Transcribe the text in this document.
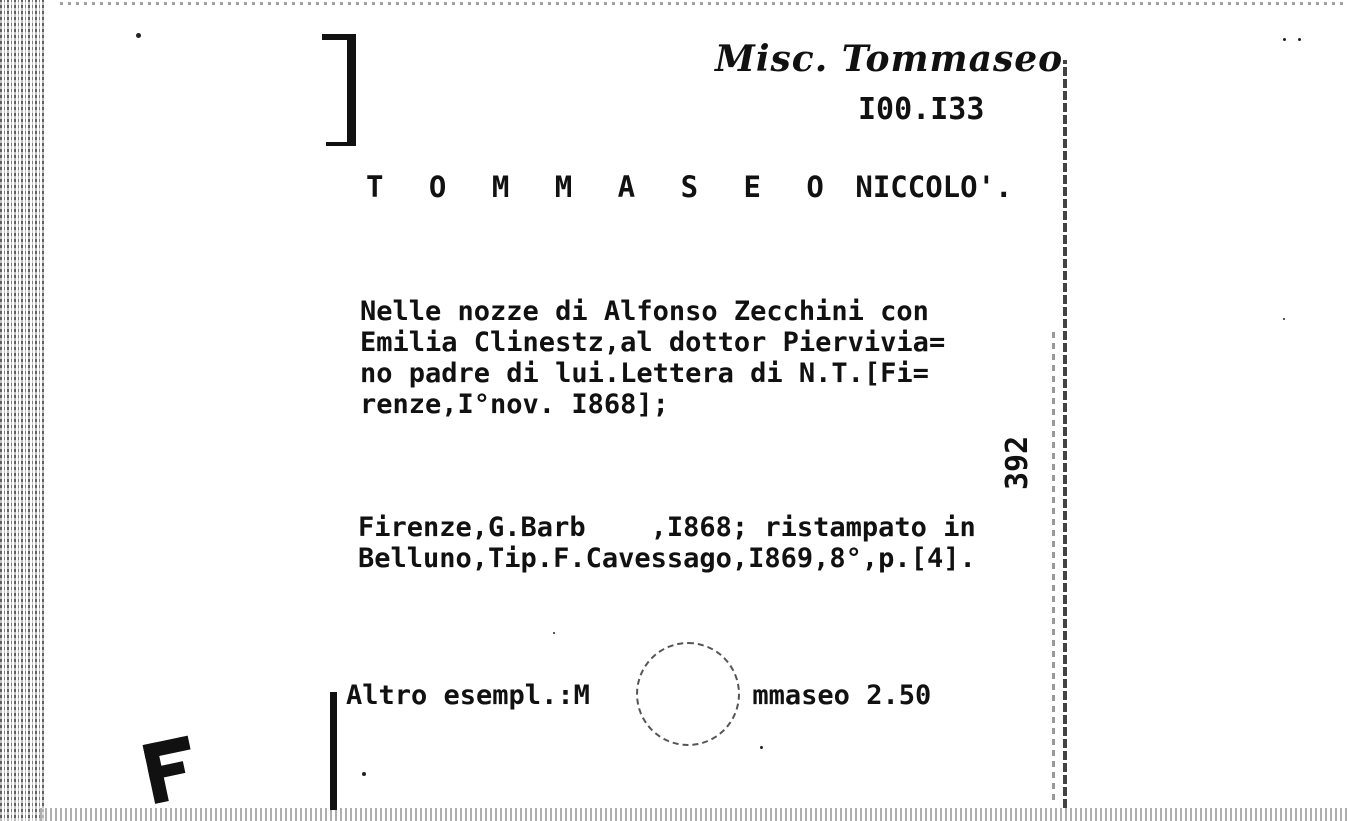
Misc. Tommaseo
I00.I33
T O M M A S E O NICCOLO'.
Nelle nozze di Alfonso Zecchini con
Emilia Clinestz,al dottor Piervivia=
no padre di lui.Lettera di N.T.[Fi=
renze,I°nov. I868];
392
Firenze,G.Barb    ,I868; ristampato in
Belluno,Tip.F.Cavessago,I869,8°,p.[4].
Altro esempl.:M	mmaseo 2.50
